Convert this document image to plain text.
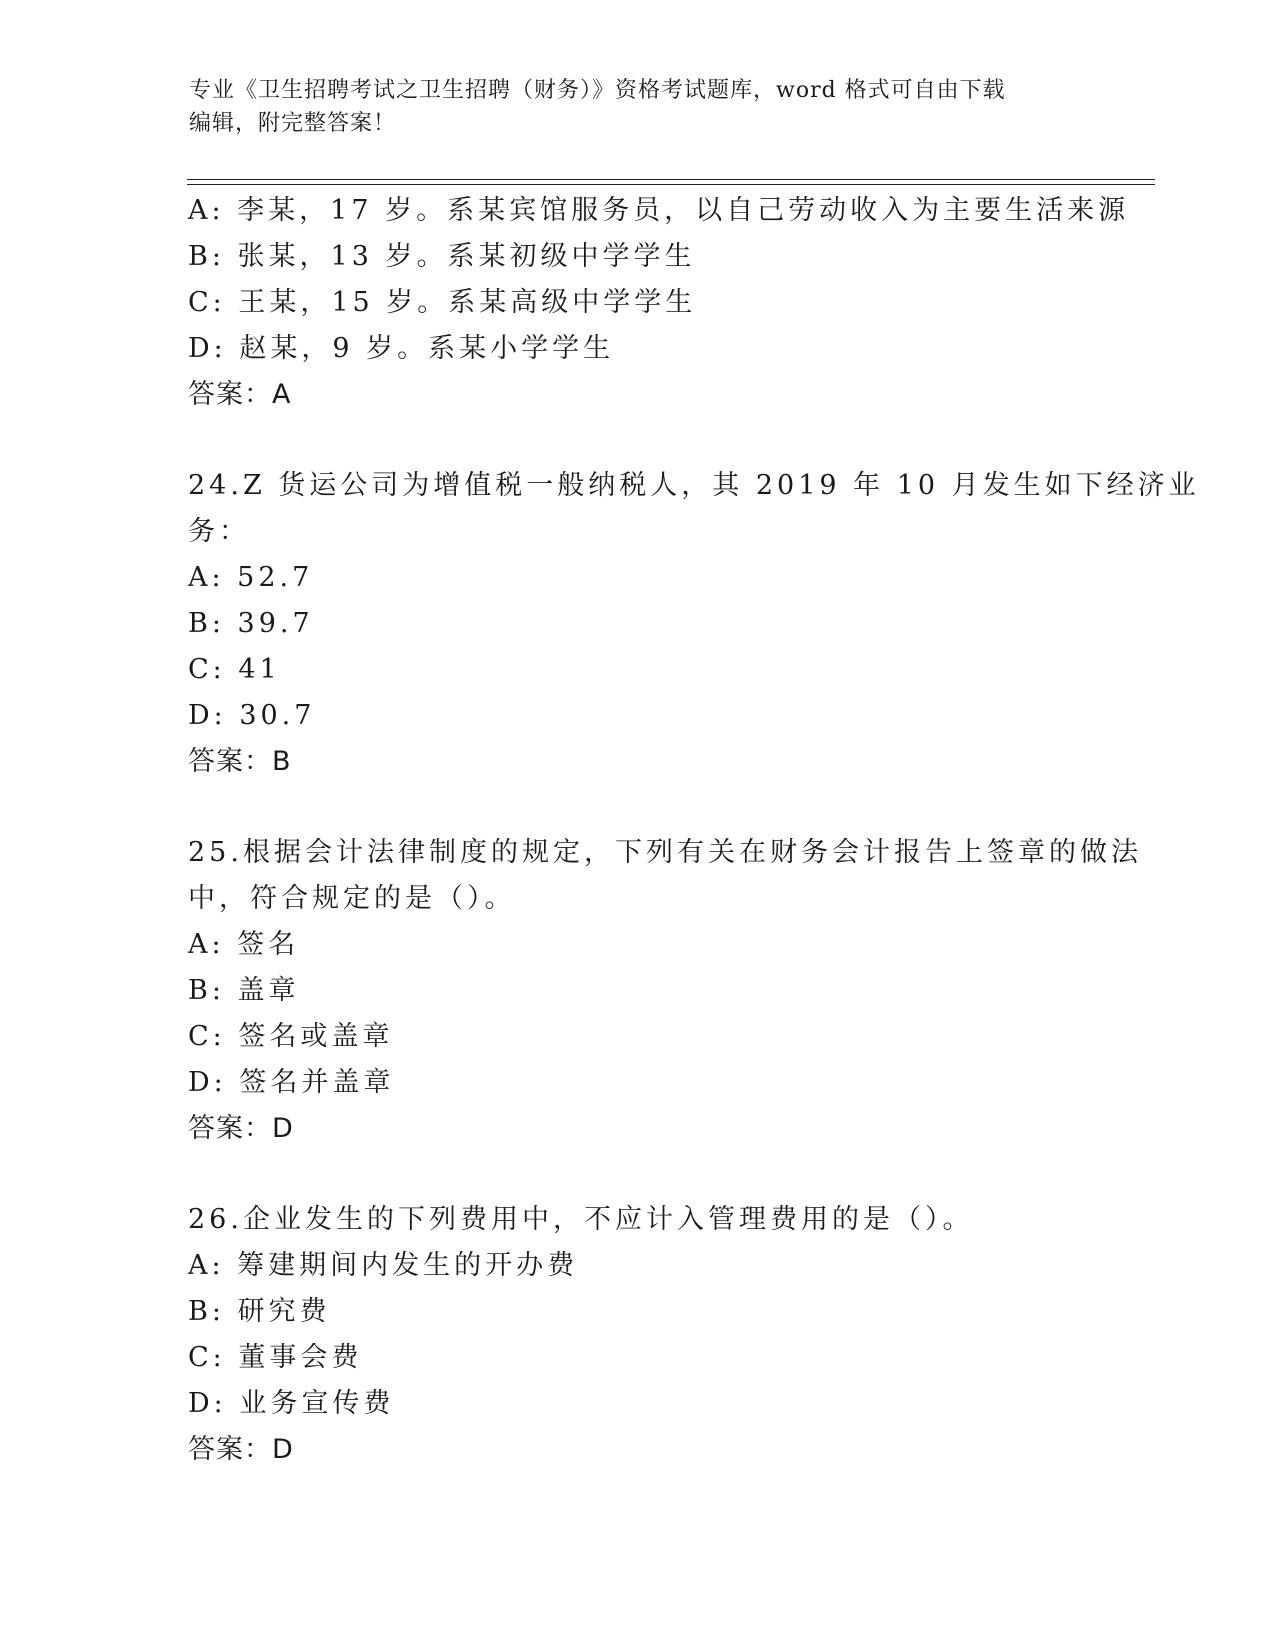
专业《卫生招聘考试之卫生招聘（财务）》资格考试题库，word 格式可自由下载
编辑，附完整答案！
A: 李某，17 岁。系某宾馆服务员，以自己劳动收入为主要生活来源
B: 张某，13 岁。系某初级中学学生
C: 王某，15 岁。系某高级中学学生
D: 赵某，9 岁。系某小学学生
答案：A
24.Z 货运公司为增值税一般纳税人，其 2019 年 10 月发生如下经济业
务：
A: 52.7
B: 39.7
C: 41
D: 30.7
答案：B
25.根据会计法律制度的规定，下列有关在财务会计报告上签章的做法
中，符合规定的是（）。
A: 签名
B: 盖章
C: 签名或盖章
D: 签名并盖章
答案：D
26.企业发生的下列费用中，不应计入管理费用的是（）。
A: 筹建期间内发生的开办费
B: 研究费
C: 董事会费
D: 业务宣传费
答案：D
